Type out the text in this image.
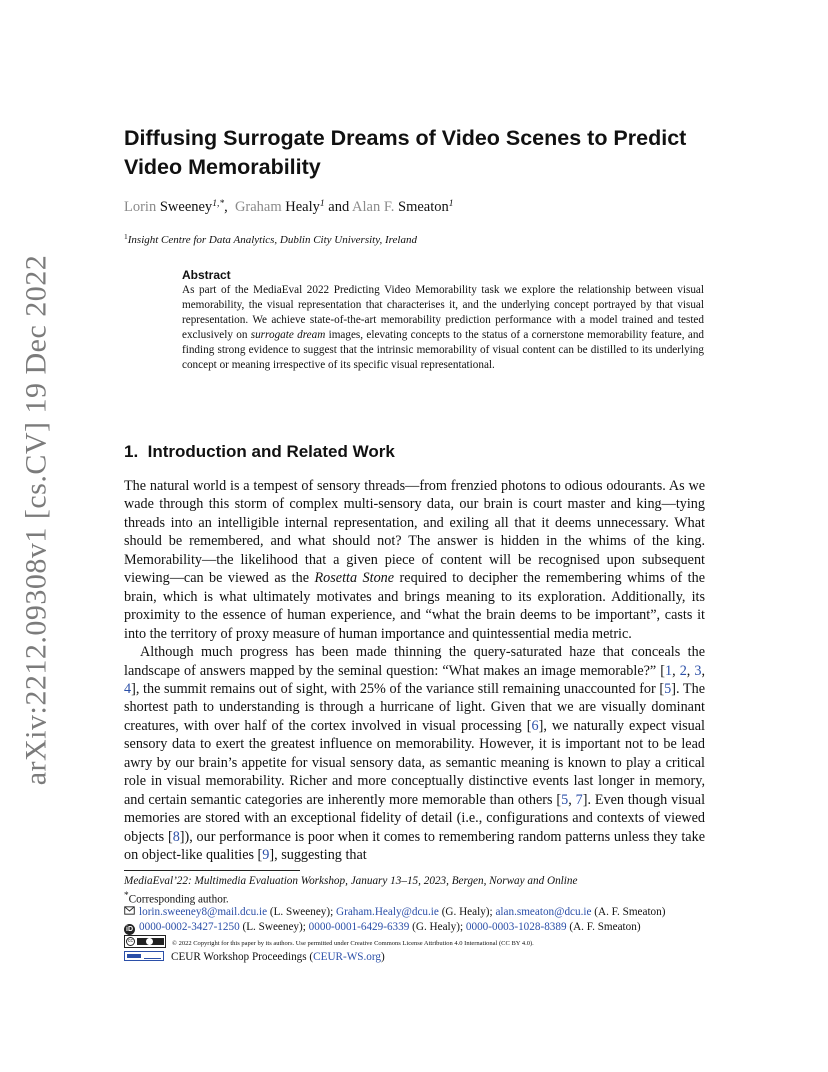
arXiv:2212.09308v1 [cs.CV] 19 Dec 2022
Diffusing Surrogate Dreams of Video Scenes to Predict Video Memorability
Lorin Sweeney$^{1,*}$,  Graham Healy$^1$ and Alan F. Smeaton$^1$
$^1$Insight Centre for Data Analytics, Dublin City University, Ireland

Abstract

As part of the MediaEval 2022 Predicting Video Memorability task we explore the relationship between visual memorability, the visual representation that characterises it, and the underlying concept portrayed by that visual representation. We achieve state-of-the-art memorability prediction performance with a model trained and tested exclusively on surrogate dream images, elevating concepts to the status of a cornerstone memorability feature, and finding strong evidence to suggest that the intrinsic memorability of visual content can be distilled to its underlying concept or meaning irrespective of its specific visual representational.

1. Introduction and Related Work

The natural world is a tempest of sensory threads—from frenzied photons to odious odourants. As we wade through this storm of complex multi-sensory data, our brain is court master and king—tying threads into an intelligible internal representation, and exiling all that it deems unnecessary. What should be remembered, and what should not? The answer is hidden in the whims of the king. Memorability—the likelihood that a given piece of content will be recognised upon subsequent viewing—can be viewed as the Rosetta Stone required to decipher the remembering whims of the brain, which is what ultimately motivates and brings meaning to its exploration. Additionally, its proximity to the essence of human experience, and “what the brain deems to be important”, casts it into the territory of proxy measure of human importance and quintessential media metric.

Although much progress has been made thinning the query-saturated haze that conceals the landscape of answers mapped by the seminal question: “What makes an image memorable?” [1, 2, 3, 4], the summit remains out of sight, with 25% of the variance still remaining unaccounted for [5]. The shortest path to understanding is through a hurricane of light. Given that we are visually dominant creatures, with over half of the cortex involved in visual processing [6], we naturally expect visual sensory data to exert the greatest influence on memorability. However, it is important not to be lead awry by our brain’s appetite for visual sensory data, as semantic meaning is known to play a critical role in visual memorability. Richer and more conceptually distinctive events last longer in memory, and certain semantic categories are inherently more memorable than others [5, 7]. Even though visual memories are stored with an exceptional fidelity of detail (i.e., configurations and contexts of viewed objects [8]), our performance is poor when it comes to remembering random patterns unless they take on object-like qualities [9], suggesting that

MediaEval’22: Multimedia Evaluation Workshop, January 13–15, 2023, Bergen, Norway and Online
*Corresponding author.
lorin.sweeney8@mail.dcu.ie (L. Sweeney); Graham.Healy@dcu.ie (G. Healy); alan.smeaton@dcu.ie (A. F. Smeaton)
iD 0000-0002-3427-1250 (L. Sweeney); 0000-0001-6429-6339 (G. Healy); 0000-0003-1028-8389 (A. F. Smeaton)
cc	© 2022 Copyright for this paper by its authors. Use permitted under Creative Commons License Attribution 4.0 International (CC BY 4.0).
CEUR Workshop Proceedings (CEUR-WS.org)
